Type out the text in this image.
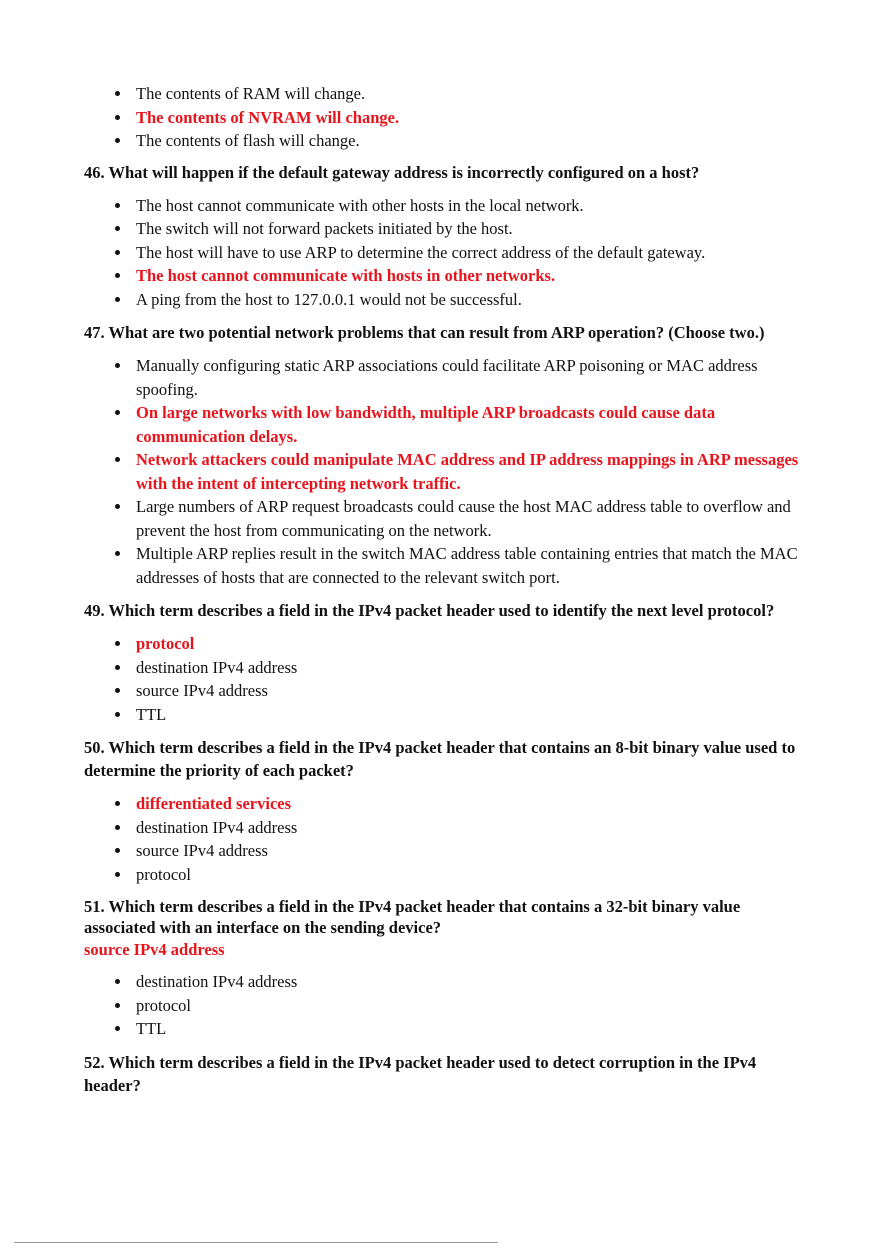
The contents of RAM will change.
The contents of NVRAM will change.
The contents of flash will change.
46. What will happen if the default gateway address is incorrectly configured on a host?
The host cannot communicate with other hosts in the local network.
The switch will not forward packets initiated by the host.
The host will have to use ARP to determine the correct address of the default gateway.
The host cannot communicate with hosts in other networks.
A ping from the host to 127.0.0.1 would not be successful.
47. What are two potential network problems that can result from ARP operation? (Choose two.)
Manually configuring static ARP associations could facilitate ARP poisoning or MAC address spoofing.
On large networks with low bandwidth, multiple ARP broadcasts could cause data communication delays.
Network attackers could manipulate MAC address and IP address mappings in ARP messages with the intent of intercepting network traffic.
Large numbers of ARP request broadcasts could cause the host MAC address table to overflow and prevent the host from communicating on the network.
Multiple ARP replies result in the switch MAC address table containing entries that match the MAC addresses of hosts that are connected to the relevant switch port.
49. Which term describes a field in the IPv4 packet header used to identify the next level protocol?
protocol
destination IPv4 address
source IPv4 address
TTL
50. Which term describes a field in the IPv4 packet header that contains an 8-bit binary value used to determine the priority of each packet?
differentiated services
destination IPv4 address
source IPv4 address
protocol
51. Which term describes a field in the IPv4 packet header that contains a 32-bit binary value associated with an interface on the sending device?
source IPv4 address
destination IPv4 address
protocol
TTL
52. Which term describes a field in the IPv4 packet header used to detect corruption in the IPv4 header?
